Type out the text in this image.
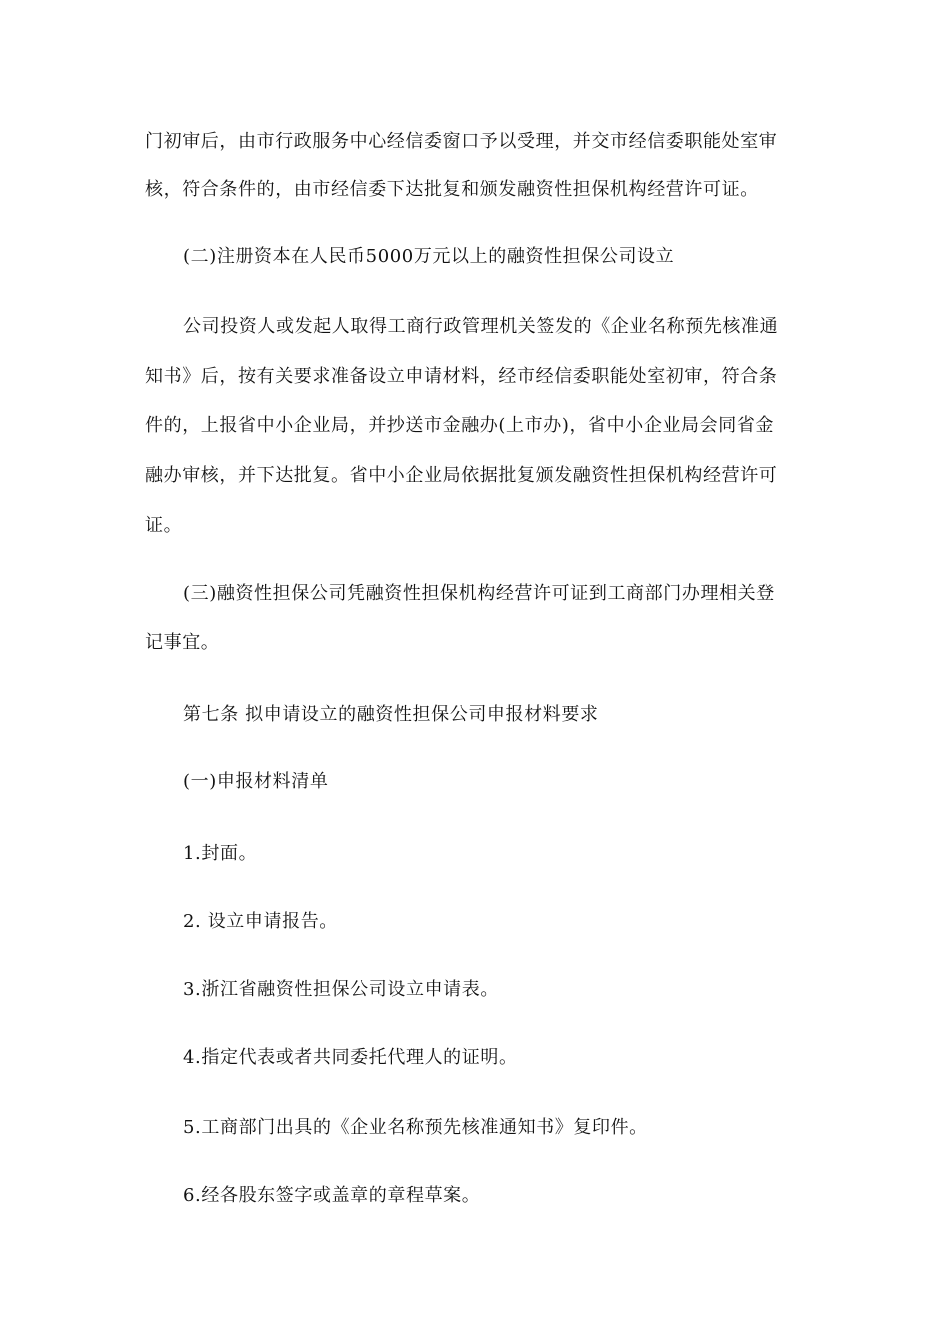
门初审后，由市行政服务中心经信委窗口予以受理，并交市经信委职能处室审
核，符合条件的，由市经信委下达批复和颁发融资性担保机构经营许可证。
(二)注册资本在人民币5000万元以上的融资性担保公司设立
公司投资人或发起人取得工商行政管理机关签发的《企业名称预先核准通
知书》后，按有关要求准备设立申请材料，经市经信委职能处室初审，符合条
件的，上报省中小企业局，并抄送市金融办(上市办)，省中小企业局会同省金
融办审核，并下达批复。省中小企业局依据批复颁发融资性担保机构经营许可
证。
(三)融资性担保公司凭融资性担保机构经营许可证到工商部门办理相关登
记事宜。
第七条 拟申请设立的融资性担保公司申报材料要求
(一)申报材料清单
1.封面。
2. 设立申请报告。
3.浙江省融资性担保公司设立申请表。
4.指定代表或者共同委托代理人的证明。
5.工商部门出具的《企业名称预先核准通知书》复印件。
6.经各股东签字或盖章的章程草案。
